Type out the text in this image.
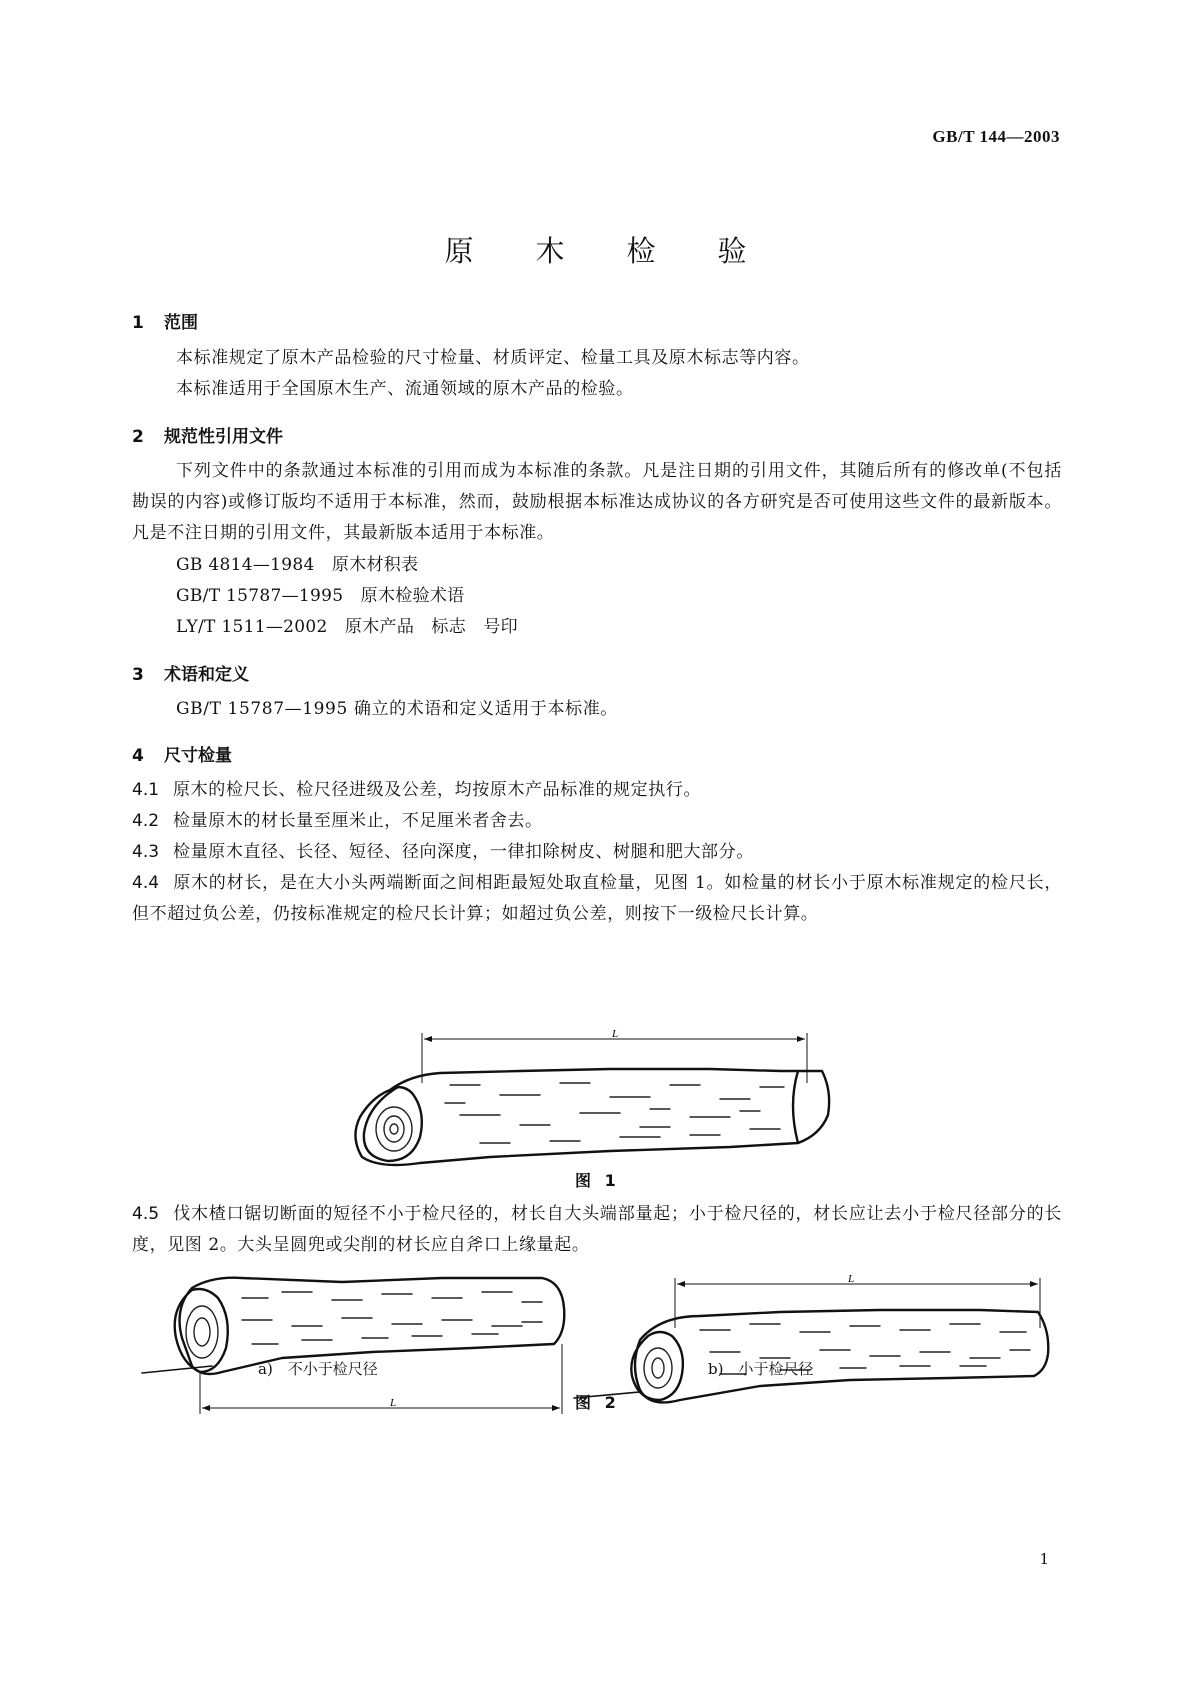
GB/T 144—2003
原木检验
1 范围
本标准规定了原木产品检验的尺寸检量、材质评定、检量工具及原木标志等内容。
本标准适用于全国原木生产、流通领域的原木产品的检验。
2 规范性引用文件
下列文件中的条款通过本标准的引用而成为本标准的条款。凡是注日期的引用文件，其随后所有的修改单(不包括勘误的内容)或修订版均不适用于本标准，然而，鼓励根据本标准达成协议的各方研究是否可使用这些文件的最新版本。凡是不注日期的引用文件，其最新版本适用于本标准。
GB 4814—1984　原木材积表
GB/T 15787—1995　原木检验术语
LY/T 1511—2002　原木产品　标志　号印
3 术语和定义
GB/T 15787—1995 确立的术语和定义适用于本标准。
4 尺寸检量
4.1 原木的检尺长、检尺径进级及公差，均按原木产品标准的规定执行。
4.2 检量原木的材长量至厘米止，不足厘米者舍去。
4.3 检量原木直径、长径、短径、径向深度，一律扣除树皮、树腿和肥大部分。
4.4 原木的材长，是在大小头两端断面之间相距最短处取直检量，见图 1。如检量的材长小于原木标准规定的检尺长，但不超过负公差，仍按标准规定的检尺长计算；如超过负公差，则按下一级检尺长计算。
L
图 1
4.5 伐木楂口锯切断面的短径不小于检尺径的，材长自大头端部量起；小于检尺径的，材长应让去小于检尺径部分的长度，见图 2。大头呈圆兜或尖削的材长应自斧口上缘量起。
L
L
a)　不小于检尺径	b)　小于检尺径
图 2
1
